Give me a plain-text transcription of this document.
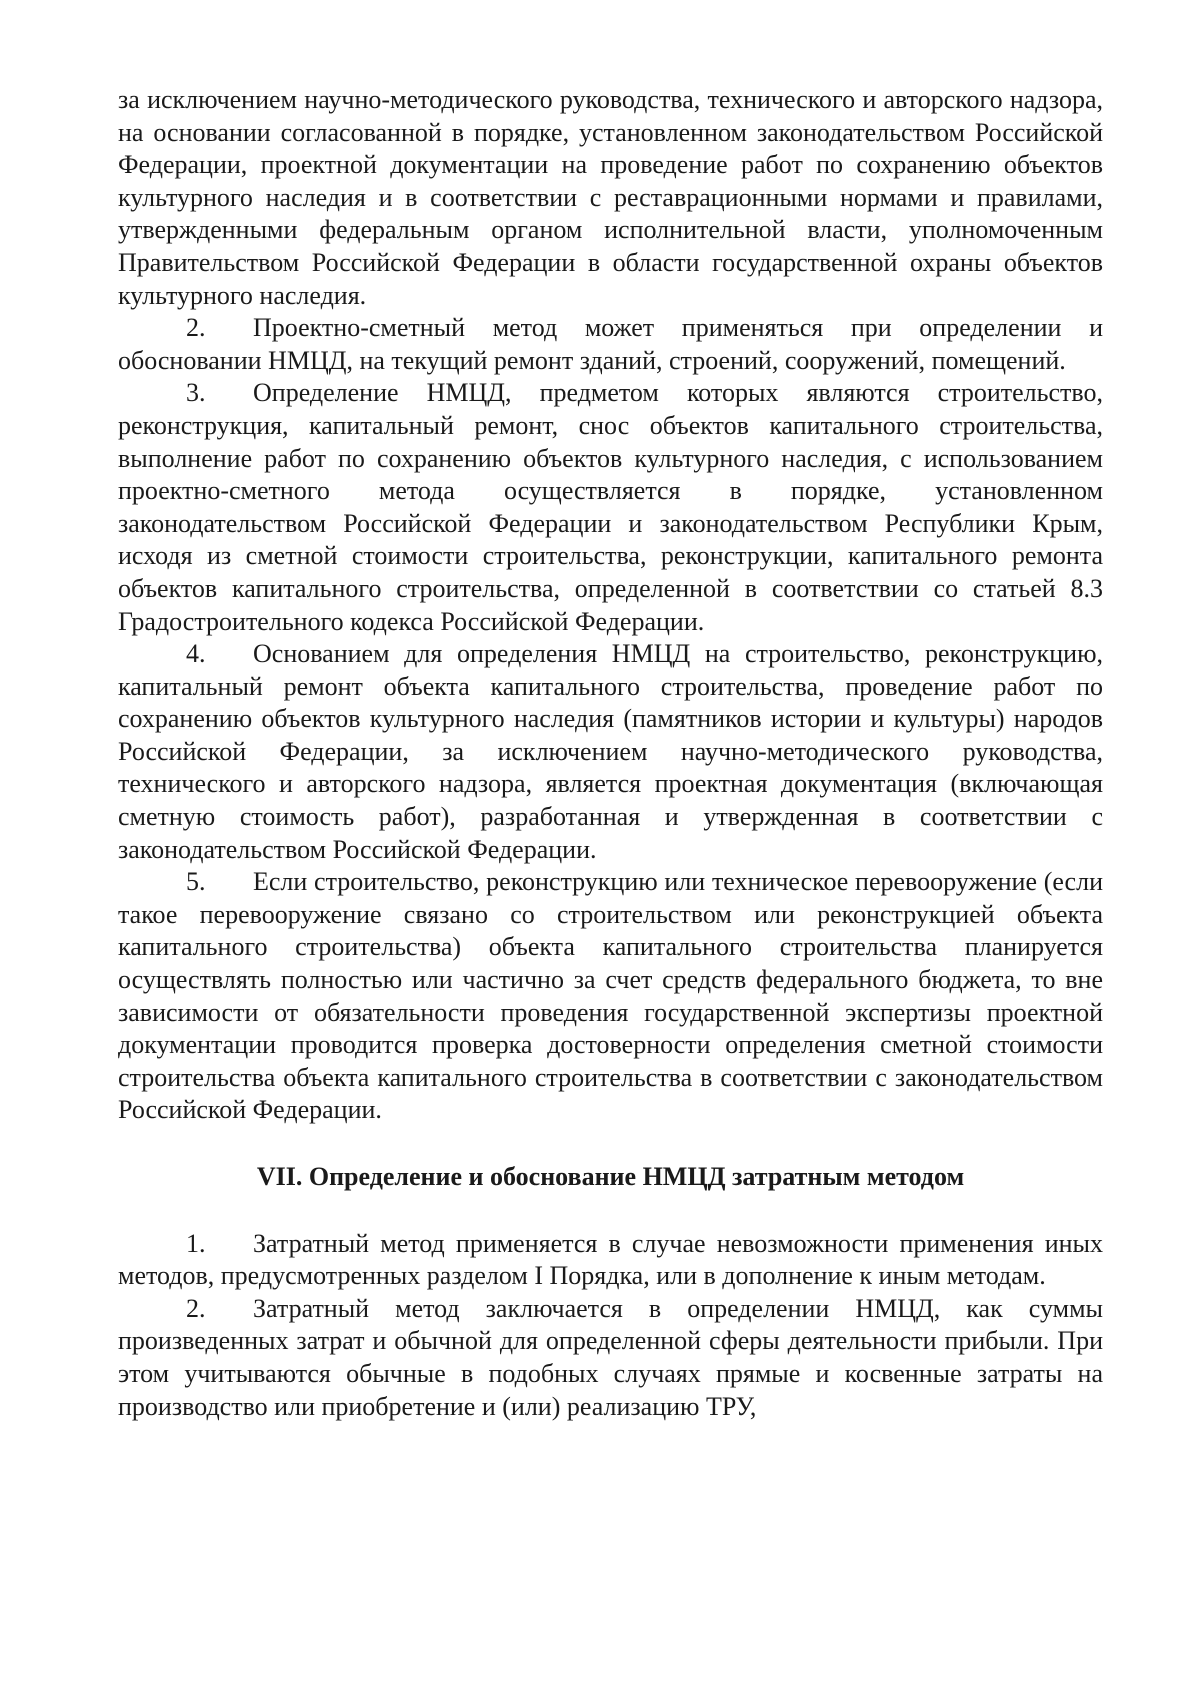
за исключением научно-методического руководства, технического и авторского надзора, на основании согласованной в порядке, установленном законодательством Российской Федерации, проектной документации на проведение работ по сохранению объектов культурного наследия и в соответствии с реставрационными нормами и правилами, утвержденными федеральным органом исполнительной власти, уполномоченным Правительством Российской Федерации в области государственной охраны объектов культурного наследия.

2. Проектно-сметный метод может применяться при определении и обосновании НМЦД, на текущий ремонт зданий, строений, сооружений, помещений.

3. Определение НМЦД, предметом которых являются строительство, реконструкция, капитальный ремонт, снос объектов капитального строительства, выполнение работ по сохранению объектов культурного наследия, с использованием проектно-сметного метода осуществляется в порядке, установленном законодательством Российской Федерации и законодательством Республики Крым, исходя из сметной стоимости строительства, реконструкции, капитального ремонта объектов капитального строительства, определенной в соответствии со статьей 8.3 Градостроительного кодекса Российской Федерации.

4. Основанием для определения НМЦД на строительство, реконструкцию, капитальный ремонт объекта капитального строительства, проведение работ по сохранению объектов культурного наследия (памятников истории и культуры) народов Российской Федерации, за исключением научно-методического руководства, технического и авторского надзора, является проектная документация (включающая сметную стоимость работ), разработанная и утвержденная в соответствии с законодательством Российской Федерации.

5. Если строительство, реконструкцию или техническое перевооружение (если такое перевооружение связано со строительством или реконструкцией объекта капитального строительства) объекта капитального строительства планируется осуществлять полностью или частично за счет средств федерального бюджета, то вне зависимости от обязательности проведения государственной экспертизы проектной документации проводится проверка достоверности определения сметной стоимости строительства объекта капитального строительства в соответствии с законодательством Российской Федерации.

VII. Определение и обоснование НМЦД затратным методом

1. Затратный метод применяется в случае невозможности применения иных методов, предусмотренных разделом I Порядка, или в дополнение к иным методам.

2. Затратный метод заключается в определении НМЦД, как суммы произведенных затрат и обычной для определенной сферы деятельности прибыли. При этом учитываются обычные в подобных случаях прямые и косвенные затраты на производство или приобретение и (или) реализацию ТРУ,
